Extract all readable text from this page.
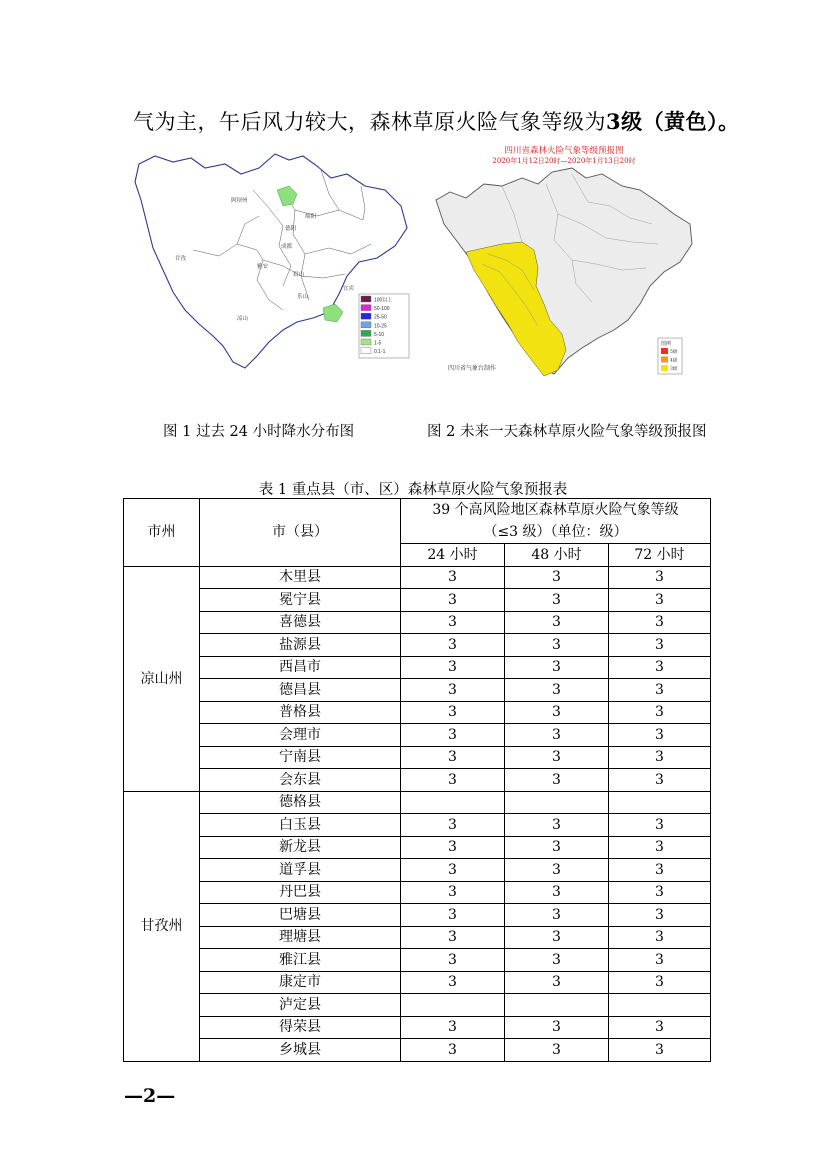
气为主，午后风力较大，森林草原火险气象等级为3级（黄色）。
阿坝州
德阳
绵阳
成都
眉山
雅安
乐山
宜宾
凉山
甘孜
100以上
50-100
25-50
10-25
5-10
1-5
0.1-1
四川省森林火险气象等级预报图
2020年1月12日20时—2020年1月13日20时
四川省气象台制作
图例
5级
4级
3级
图 1 过去 24 小时降水分布图	图 2 未来一天森林草原火险气象等级预报图
表 1 重点县（市、区）森林草原火险气象预报表
市州	市（县）	39 个高风险地区森林草原火险气象等级
（≤3 级）（单位：级）		

		24 小时	48 小时	72 小时
凉山州	木里县	3	3	3
	冕宁县	3	3	3
	喜德县	3	3	3
	盐源县	3	3	3
	西昌市	3	3	3
	德昌县	3	3	3
	普格县	3	3	3
	会理市	3	3	3
	宁南县	3	3	3
	会东县	3	3	3
甘孜州	德格县			
	白玉县	3	3	3
	新龙县	3	3	3
	道孚县	3	3	3
	丹巴县	3	3	3
	巴塘县	3	3	3
	理塘县	3	3	3
	雅江县	3	3	3
	康定市	3	3	3
	泸定县			
	得荣县	3	3	3
	乡城县	3	3	3
—2—
